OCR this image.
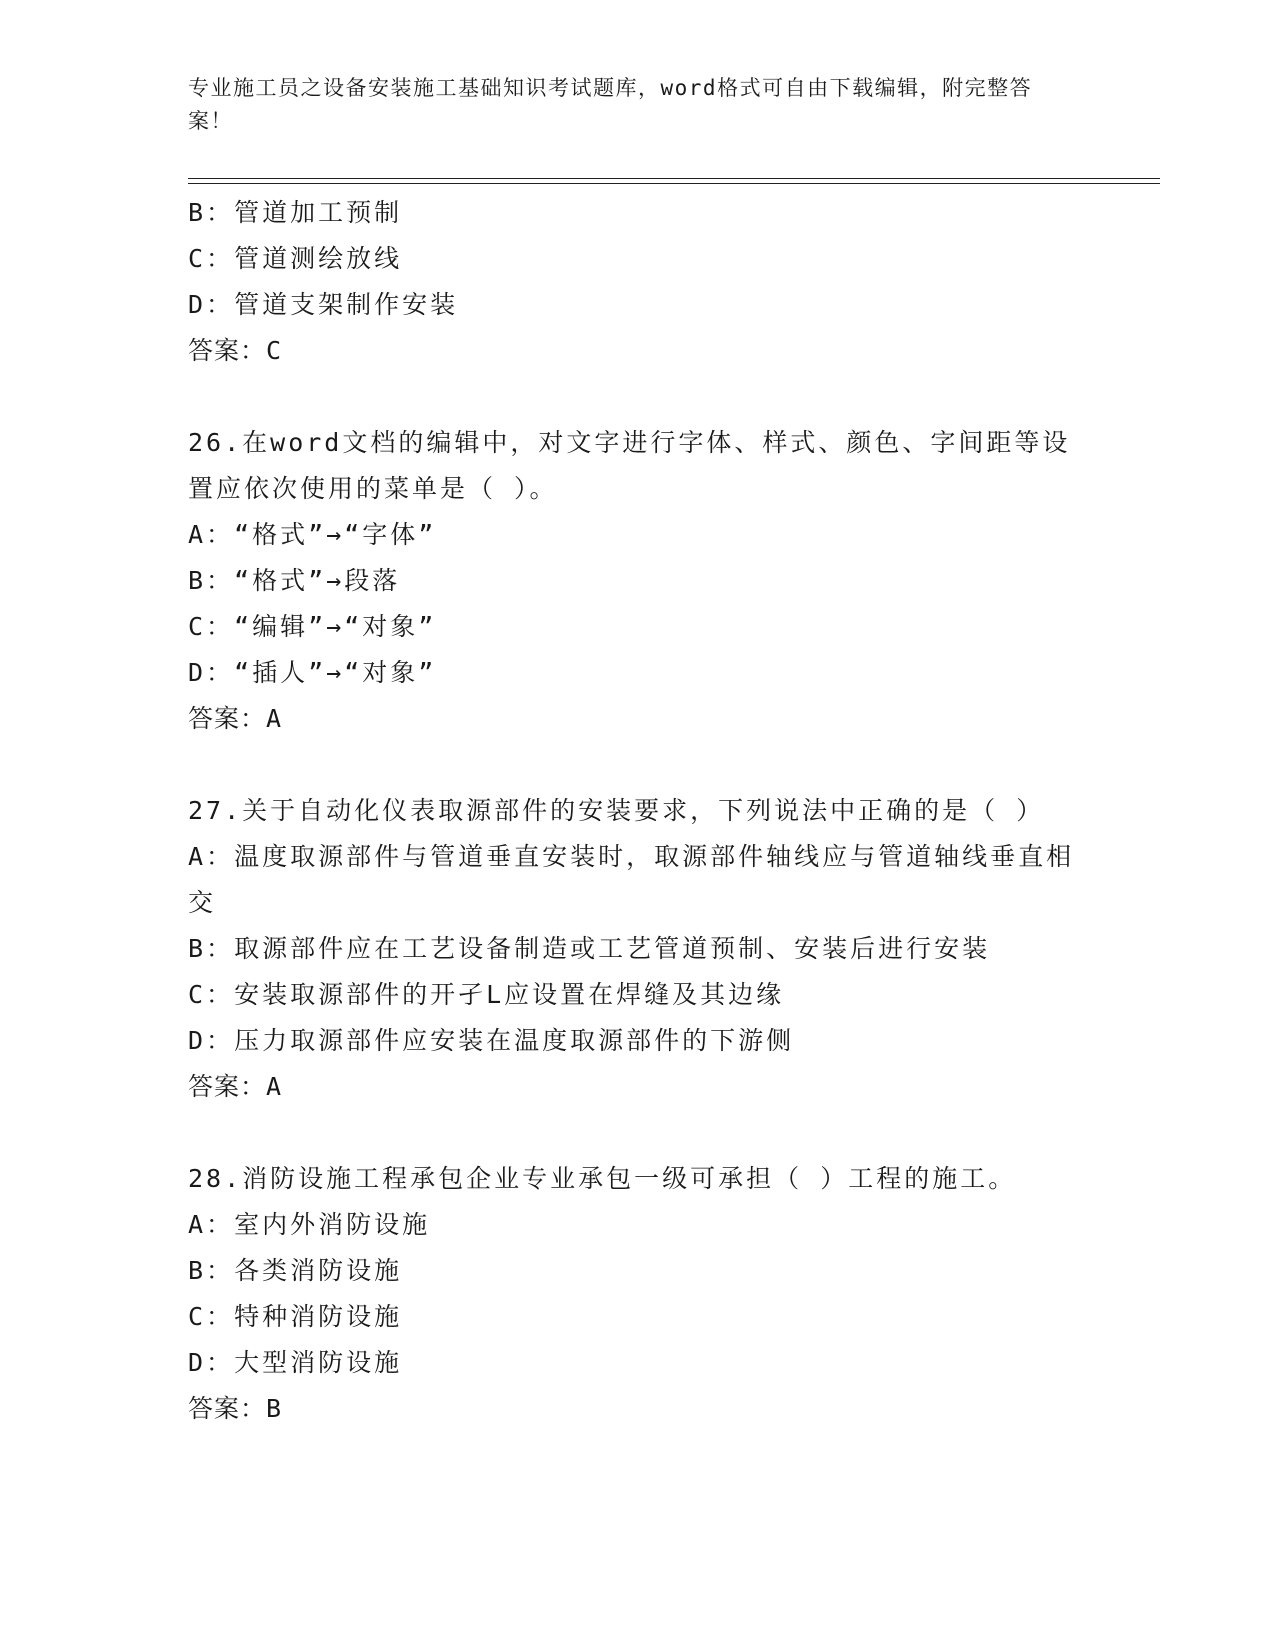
专业施工员之设备安装施工基础知识考试题库，word格式可自由下载编辑，附完整答案！
B：管道加工预制
C：管道测绘放线
D：管道支架制作安装
答案：C
26.在word文档的编辑中，对文字进行字体、样式、颜色、字间距等设置应依次使用的菜单是（ ）。
A：“格式”→“字体”
B：“格式”→段落
C：“编辑”→“对象”
D：“插人”→“对象”
答案：A
27.关于自动化仪表取源部件的安装要求，下列说法中正确的是（ ）
A：温度取源部件与管道垂直安装时，取源部件轴线应与管道轴线垂直相交
B：取源部件应在工艺设备制造或工艺管道预制、安装后进行安装
C：安装取源部件的开孑L应设置在焊缝及其边缘
D：压力取源部件应安装在温度取源部件的下游侧
答案：A
28.消防设施工程承包企业专业承包一级可承担（ ）工程的施工。
A：室内外消防设施
B：各类消防设施
C：特种消防设施
D：大型消防设施
答案：B
